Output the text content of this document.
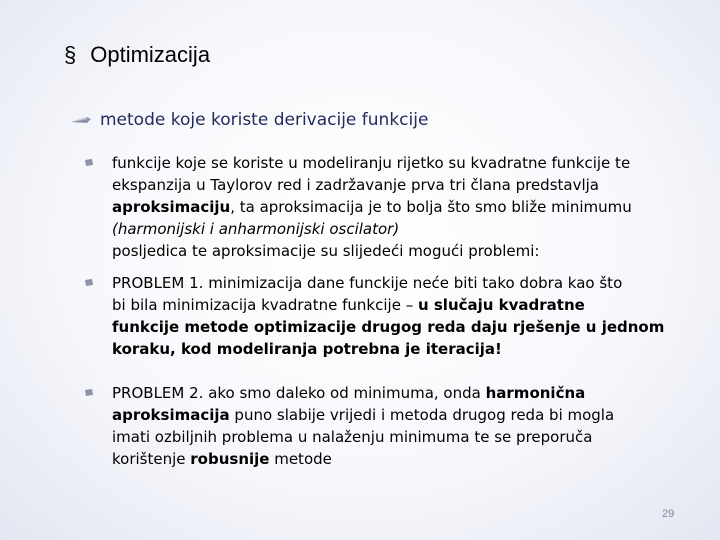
§ Optimizacija
metode koje koriste derivacije funkcije
funkcije koje se koriste u modeliranju rijetko su kvadratne funkcije te
ekspanzija u Taylorov red i zadržavanje prva tri člana predstavlja
aproksimaciju, ta aproksimacija je to bolja što smo bliže minimumu
(harmonijski i anharmonijski oscilator)
posljedica te aproksimacije su slijedeći mogući problemi:
PROBLEM 1. minimizacija dane funckije neće biti tako dobra kao što
bi bila minimizacija kvadratne funkcije – u slučaju kvadratne
funkcije metode optimizacije drugog reda daju rješenje u jednom
koraku, kod modeliranja potrebna je iteracija!
PROBLEM 2. ako smo daleko od minimuma, onda harmonična
aproksimacija puno slabije vrijedi i metoda drugog reda bi mogla
imati ozbiljnih problema u nalaženju minimuma te se preporuča
korištenje robusnije metode
29
